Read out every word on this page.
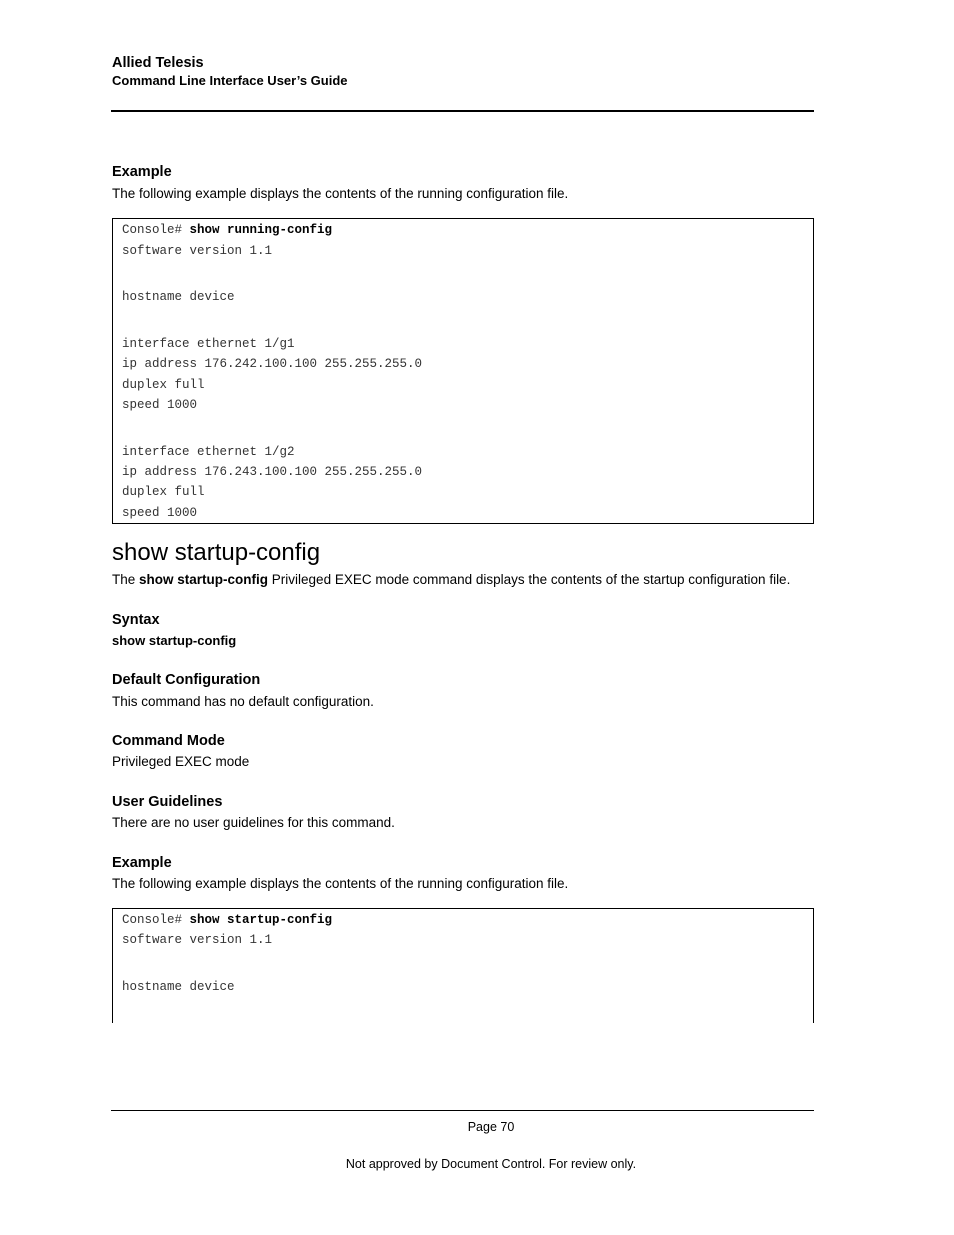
Allied Telesis
Command Line Interface User’s Guide
Example
The following example displays the contents of the running configuration file.
Console# show running-config
software version 1.1
hostname device
interface ethernet 1/g1
ip address 176.242.100.100 255.255.255.0
duplex full
speed 1000
interface ethernet 1/g2
ip address 176.243.100.100 255.255.255.0
duplex full
speed 1000
show startup-config
The show startup-config Privileged EXEC mode command displays the contents of the startup configuration file.
Syntax
show startup-config
Default Configuration
This command has no default configuration.
Command Mode
Privileged EXEC mode
User Guidelines
There are no user guidelines for this command.
Example
The following example displays the contents of the running configuration file.
Console# show startup-config
software version 1.1
hostname device
Page 70
Not approved by Document Control. For review only.
